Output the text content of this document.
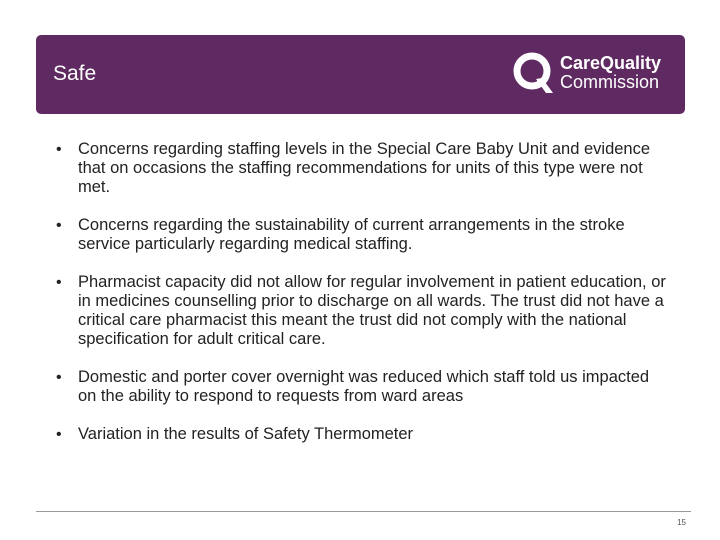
Safe	CareQuality
Commission
• Concerns regarding staffing levels in the Special Care Baby Unit and evidence that on occasions the staffing recommendations for units of this type were not met.
• Concerns regarding the sustainability of current arrangements in the stroke service particularly regarding medical staffing.
• Pharmacist capacity did not allow for regular involvement in patient education, or in medicines counselling prior to discharge on all wards. The trust did not have a critical care pharmacist this meant the trust did not comply with the national specification for adult critical care.
• Domestic and porter cover overnight was reduced which staff told us impacted on the ability to respond to requests from ward areas
• Variation in the results of Safety Thermometer
15
